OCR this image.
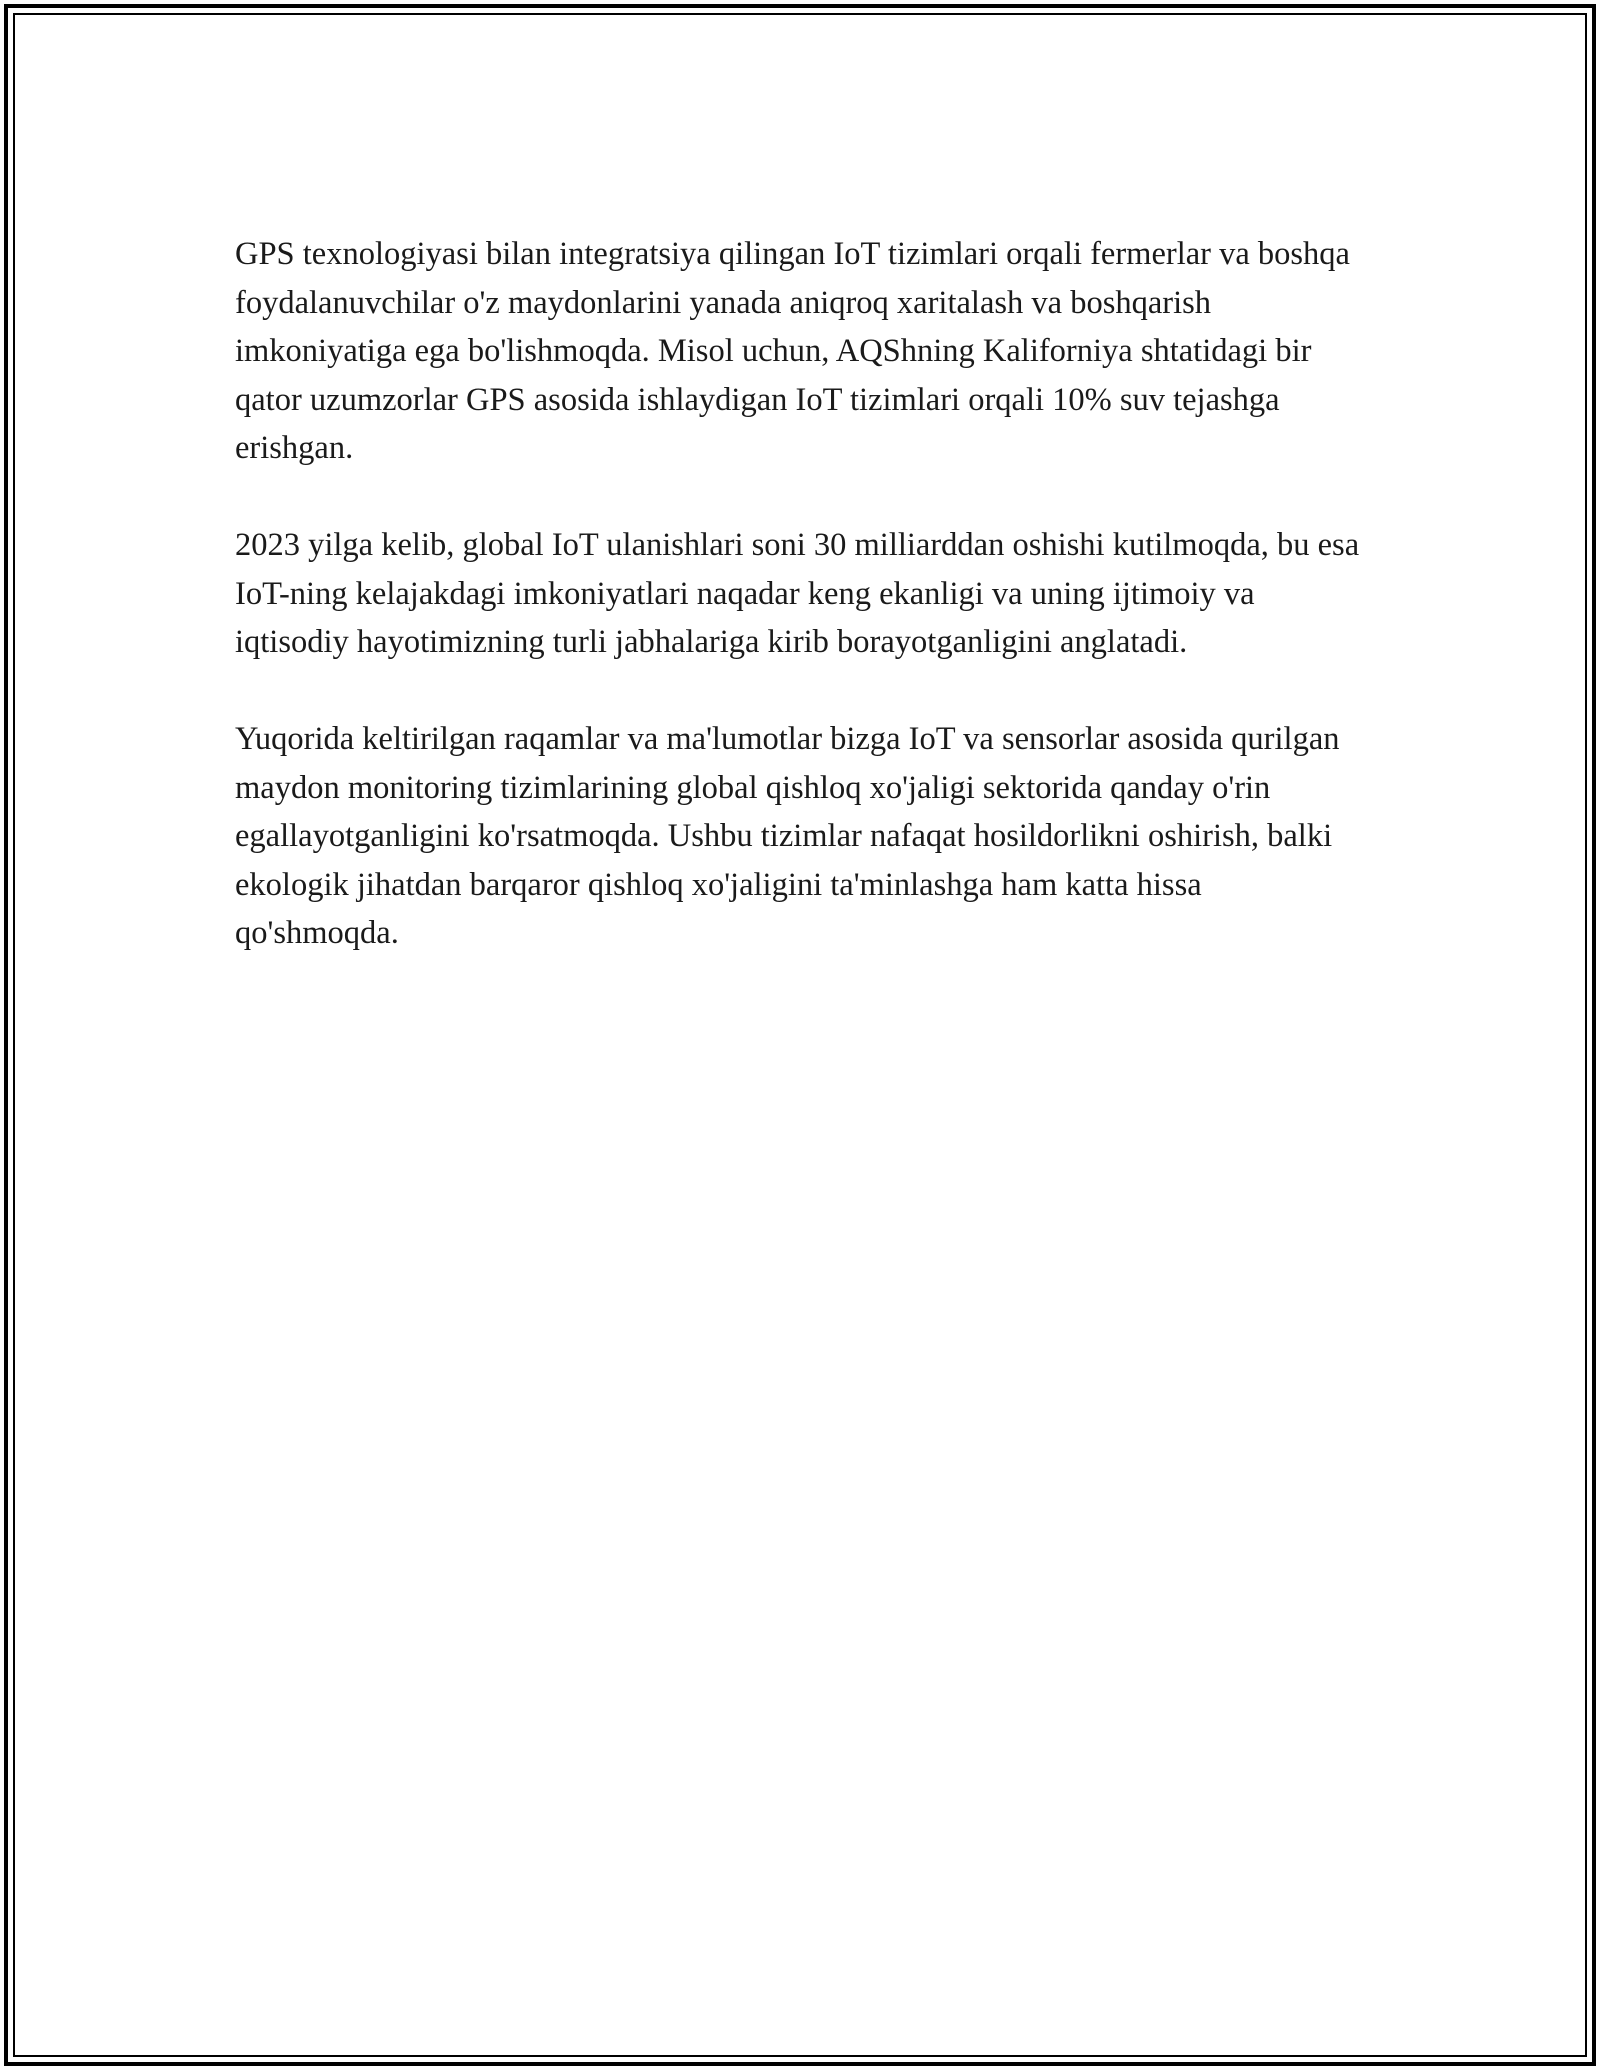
GPS texnologiyasi bilan integratsiya qilingan IoT tizimlari orqali fermerlar va boshqa foydalanuvchilar o'z maydonlarini yanada aniqroq xaritalash va boshqarish imkoniyatiga ega bo'lishmoqda. Misol uchun, AQShning Kaliforniya shtatidagi bir qator uzumzorlar GPS asosida ishlaydigan IoT tizimlari orqali 10% suv tejashga erishgan.

2023 yilga kelib, global IoT ulanishlari soni 30 milliarddan oshishi kutilmoqda, bu esa IoT-ning kelajakdagi imkoniyatlari naqadar keng ekanligi va uning ijtimoiy va iqtisodiy hayotimizning turli jabhalariga kirib borayotganligini anglatadi.

Yuqorida keltirilgan raqamlar va ma'lumotlar bizga IoT va sensorlar asosida qurilgan maydon monitoring tizimlarining global qishloq xo'jaligi sektorida qanday o'rin egallayotganligini ko'rsatmoqda. Ushbu tizimlar nafaqat hosildorlikni oshirish, balki ekologik jihatdan barqaror qishloq xo'jaligini ta'minlashga ham katta hissa qo'shmoqda.
